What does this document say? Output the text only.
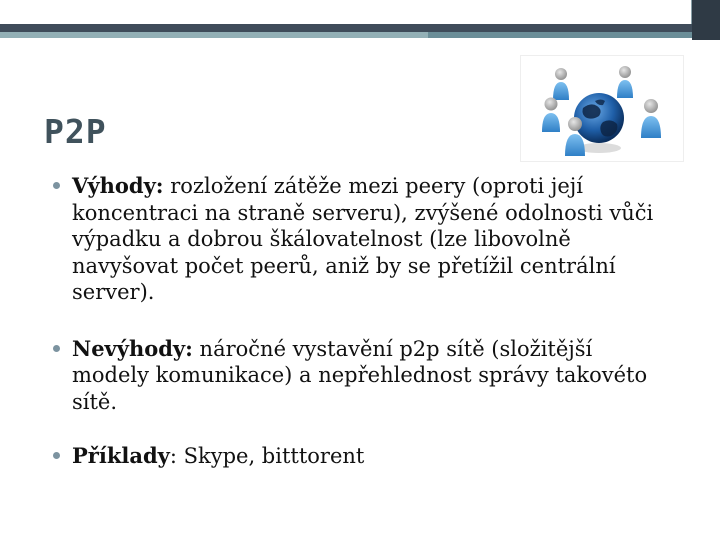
P2P

Výhody: rozložení zátěže mezi peery (oproti její koncentraci na straně serveru), zvýšené odolnosti vůči výpadku a dobrou škálovatelnost (lze libovolně navyšovat počet peerů, aniž by se přetížil centrální server).

Nevýhody: náročné vystavění p2p sítě (složitější modely komunikace) a nepřehlednost správy takovéto sítě.

Příklady: Skype, bitttorent
